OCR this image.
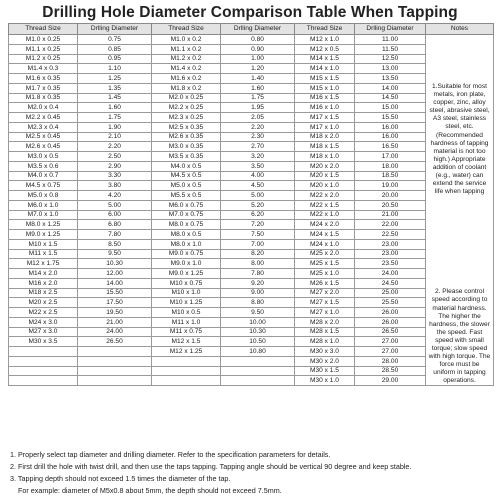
Drilling Hole Diameter Comparison Table When Tapping
Thread Size	Drlling Diameter	Thread Size	Drlling Diameter	Thread Size	Drlling Diameter	Notes
M1.0 x 0.25	0.75	M1.0 x 0.2	0.80	M12 x 1.0	11.00	1.Suitable for most metals, iron plate, copper, zinc, alloy steel, abrasive steel, A3 steel, stainless steel, etc.(Recommended hardness of tapping material is not too high.) Appropriate addition of coolant (e.g., water) can extend the service life when tapping
2. Please control speed according to material hardness. The higher the hardness, the slower the speed. Fast speed with small torque; slow speed with high torque. The force must be uniform in tapping operations.

M1.1 x 0.25	0.85	M1.1 x 0.2	0.90	M12 x 0.5	11.50	
M1.2 x 0.25	0.95	M1.2 x 0.2	1.00	M14 x 1.5	12.50	
M1.4 x 0.3	1.10	M1.4 x 0.2	1.20	M14 x 1.0	13.00	
M1.6 x 0.35	1.25	M1.6 x 0.2	1.40	M15 x 1.5	13.50	
M1.7 x 0.35	1.35	M1.8 x 0.2	1.60	M15 x 1.0	14.00	
M1.8 x 0.35	1.45	M2.0 x 0.25	1.75	M16 x 1.5	14.50	
M2.0 x 0.4	1.60	M2.2 x 0.25	1.95	M16 x 1.0	15.00	
M2.2 x 0.45	1.75	M2.3 x 0.25	2.05	M17 x 1.5	15.50	
M2.3 x 0.4	1.90	M2.5 x 0.35	2.20	M17 x 1.0	16.00	
M2.5 x 0.45	2.10	M2.6 x 0.35	2.30	M18 x 2.0	16.00	
M2.6 x 0.45	2.20	M3.0 x 0.35	2.70	M18 x 1.5	16.50	
M3.0 x 0.5	2.50	M3.5 x 0.35	3.20	M18 x 1.0	17.00	
M3.5 x 0.6	2.90	M4.0 x 0.5	3.50	M20 x 2.0	18.00	
M4.0 x 0.7	3.30	M4.5 x 0.5	4.00	M20 x 1.5	18.50	
M4.5 x 0.75	3.80	M5.0 x 0.5	4.50	M20 x 1.0	19.00	
M5.0 x 0.8	4.20	M5.5 x 0.5	5.00	M22 x 2.0	20.00	
M6.0 x 1.0	5.00	M6.0 x 0.75	5.20	M22 x 1.5	20.50	
M7.0 x 1.0	6.00	M7.0 x 0.75	6.20	M22 x 1.0	21.00	
M8.0 x 1.25	6.80	M8.0 x 0.75	7.20	M24 x 2.0	22.00	
M9.0 x 1.25	7.80	M8.0 x 0.5	7.50	M24 x 1.5	22.50	
M10 x 1.5	8.50	M8.0 x 1.0	7.00	M24 x 1.0	23.00	
M11 x 1.5	9.50	M9.0 x 0.75	8.20	M25 x 2.0	23.00	
M12 x 1.75	10.30	M9.0 x 1.0	8.00	M25 x 1.5	23.50	
M14 x 2.0	12.00	M9.0 x 1.25	7.80	M25 x 1.0	24.00	
M16 x 2.0	14.00	M10 x 0.75	9.20	M26 x 1.5	24.50	
M18 x 2.5	15.50	M10 x 1.0	9.00	M27 x 2.0	25.00	
M20 x 2.5	17.50	M10 x 1.25	8.80	M27 x 1.5	25.50	
M22 x 2.5	19.50	M10 x 0.5	9.50	M27 x 1.0	26.00	
M24 x 3.0	21.00	M11 x 1.0	10.00	M28 x 2.0	26.00	
M27 x 3.0	24.00	M11 x 0.75	10.30	M28 x 1.5	26.50	
M30 x 3.5	26.50	M12 x 1.5	10.50	M28 x 1.0	27.00	
		M12 x 1.25	10.80	M30 x 3.0	27.00	
				M30 x 2.0	28.00	
				M30 x 1.5	28.50	
				M30 x 1.0	29.00	
1. Properly select tap diameter and drilling diameter. Refer to the specification parameters for details.
2. First drill the hole with twist drill, and then use the taps tapping. Tapping angle should be vertical 90 degree and keep stable.
3. Tapping depth should not exceed 1.5 times the diameter of the tap.
For example: diameter of M5x0.8 about 5mm, the depth should not exceed 7.5mm.
